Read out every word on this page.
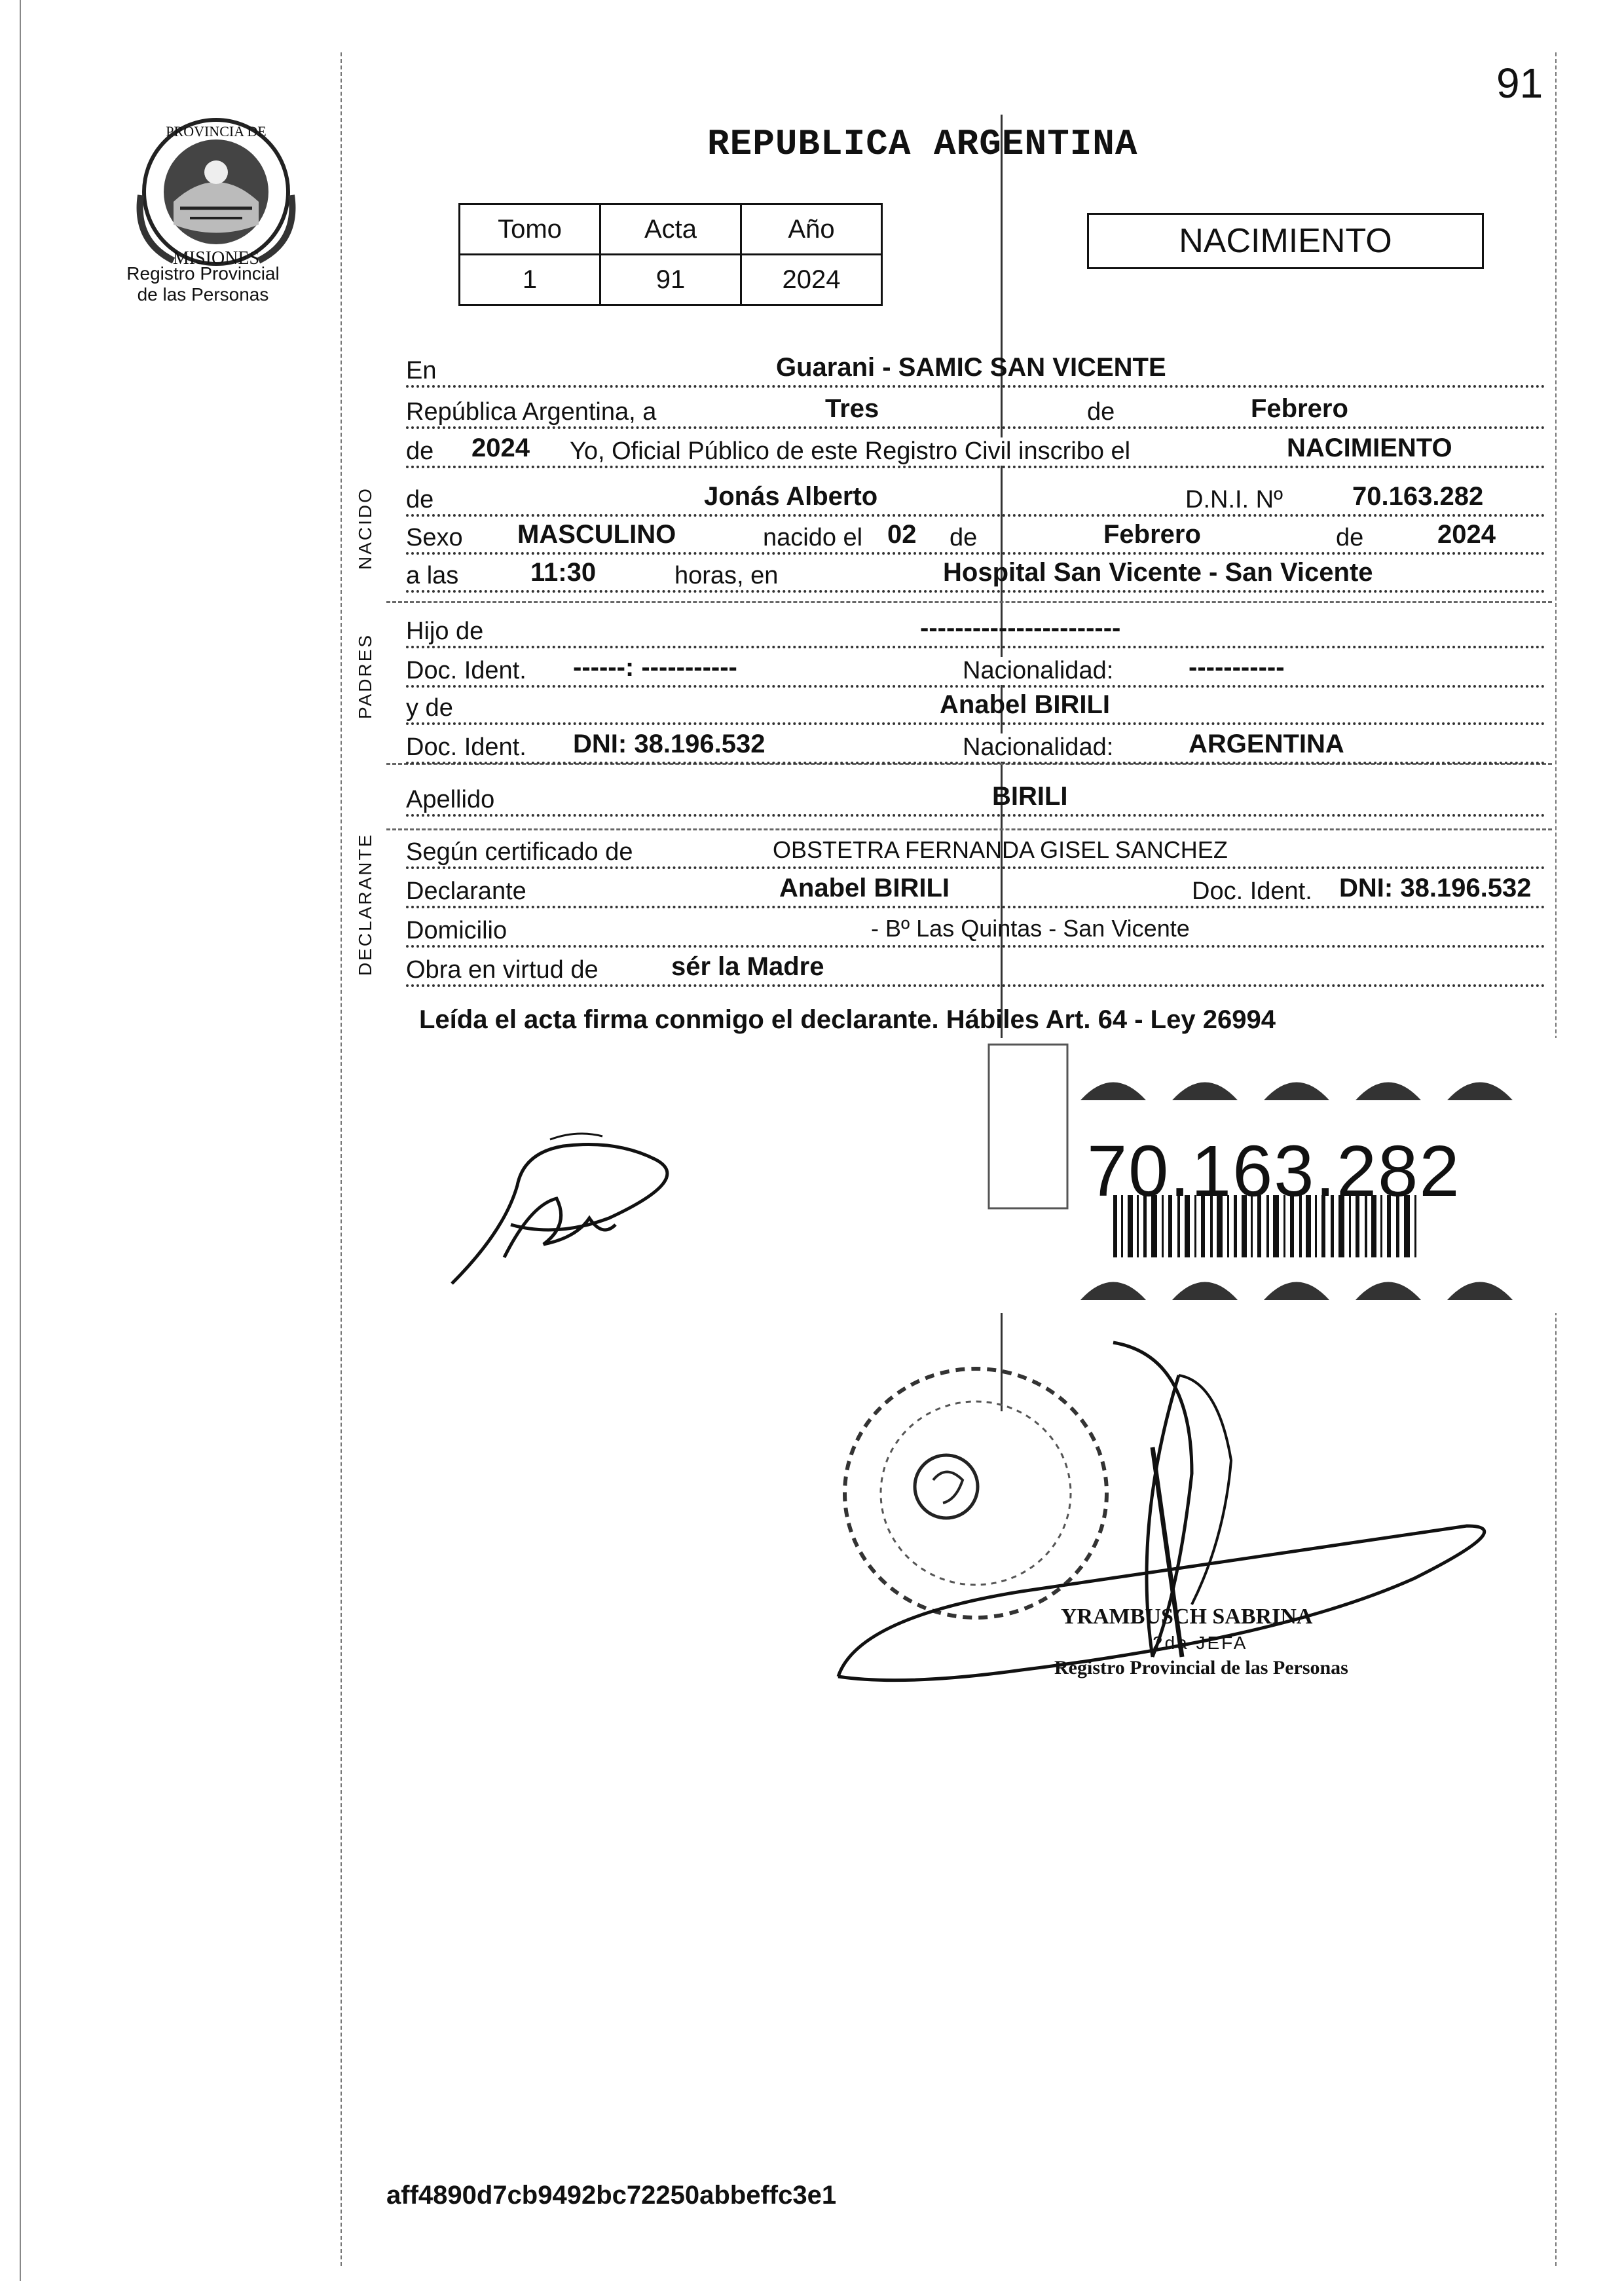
91
PROVINCIA DE
MISIONES
Registro Provincial
de las Personas
REPUBLICA ARGENTINA
Tomo	Acta	Año
1	91	2024
NACIMIENTO
NACIDO
PADRES
DECLARANTE
En	Guarani - SAMIC SAN VICENTE
República Argentina, a	Tres	de	Febrero
de 2024 Yo, Oficial Público de este Registro Civil inscribo el	NACIMIENTO
de	Jonás Alberto	D.N.I. Nº	70.163.282
Sexo MASCULINO	nacido el 02 de	Febrero	de	2024
a las	11:30	horas, en	Hospital San Vicente - San Vicente
Hijo de	-----------------------
Doc. Ident. ------: -----------	Nacionalidad:	-----------
y de	Anabel BIRILI
Doc. Ident. DNI: 38.196.532	Nacionalidad:	ARGENTINA
Apellido	BIRILI
Según certificado de	OBSTETRA FERNANDA GISEL SANCHEZ
Declarante	Anabel BIRILI	Doc. Ident. DNI: 38.196.532
Domicilio	- Bº Las Quintas - San Vicente
Obra en virtud de	sér la Madre
Leída el acta firma conmigo el declarante. Hábiles Art. 64 - Ley 26994
70.163.282
YRAMBUSCH SABRINA
2da JEFA
Registro Provincial de las Personas
aff4890d7cb9492bc72250abbeffc3e1
